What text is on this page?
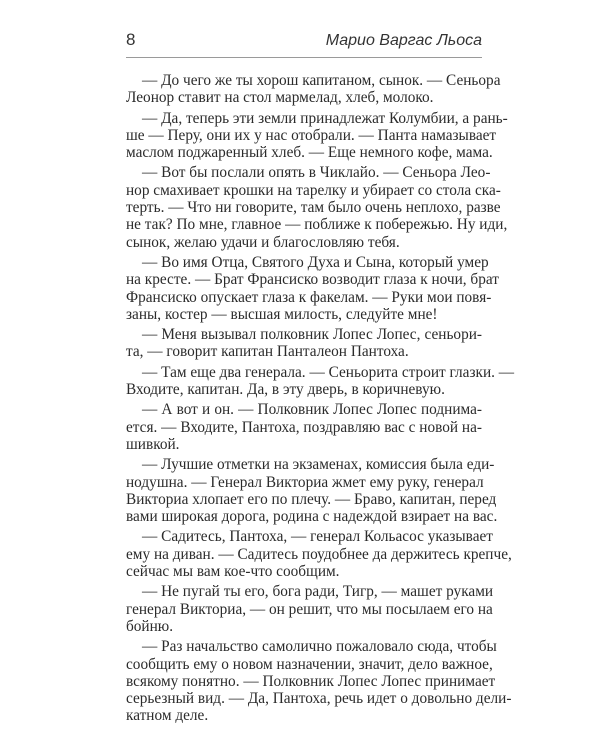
8	Марио Варгас Льоса
— До чего же ты хорош капитаном, сынок. — Сеньора
Леонор ставит на стол мармелад, хлеб, молоко.
— Да, теперь эти земли принадлежат Колумбии, а рань-
ше — Перу, они их у нас отобрали. — Панта намазывает
маслом поджаренный хлеб. — Еще немного кофе, мама.
— Вот бы послали опять в Чиклайо. — Сеньора Лео-
нор смахивает крошки на тарелку и убирает со стола ска-
терть. — Что ни говорите, там было очень неплохо, разве
не так? По мне, главное — поближе к побережью. Ну иди,
сынок, желаю удачи и благословляю тебя.
— Во имя Отца, Святого Духа и Сына, который умер
на кресте. — Брат Франсиско возводит глаза к ночи, брат
Франсиско опускает глаза к факелам. — Руки мои повя-
заны, костер — высшая милость, следуйте мне!
— Меня вызывал полковник Лопес Лопес, сеньори-
та, — говорит капитан Панталеон Пантоха.
— Там еще два генерала. — Сеньорита строит глазки. —
Входите, капитан. Да, в эту дверь, в коричневую.
— А вот и он. — Полковник Лопес Лопес поднима-
ется. — Входите, Пантоха, поздравляю вас с новой на-
шивкой.
— Лучшие отметки на экзаменах, комиссия была еди-
нодушна. — Генерал Викториа жмет ему руку, генерал
Викториа хлопает его по плечу. — Браво, капитан, перед
вами широкая дорога, родина с надеждой взирает на вас.
— Садитесь, Пантоха, — генерал Кольасос указывает
ему на диван. — Садитесь поудобнее да держитесь крепче,
сейчас мы вам кое-что сообщим.
— Не пугай ты его, бога ради, Тигр, — машет руками
генерал Викториа, — он решит, что мы посылаем его на
бойню.
— Раз начальство самолично пожаловало сюда, чтобы
сообщить ему о новом назначении, значит, дело важное,
всякому понятно. — Полковник Лопес Лопес принимает
серьезный вид. — Да, Пантоха, речь идет о довольно дели-
катном деле.
